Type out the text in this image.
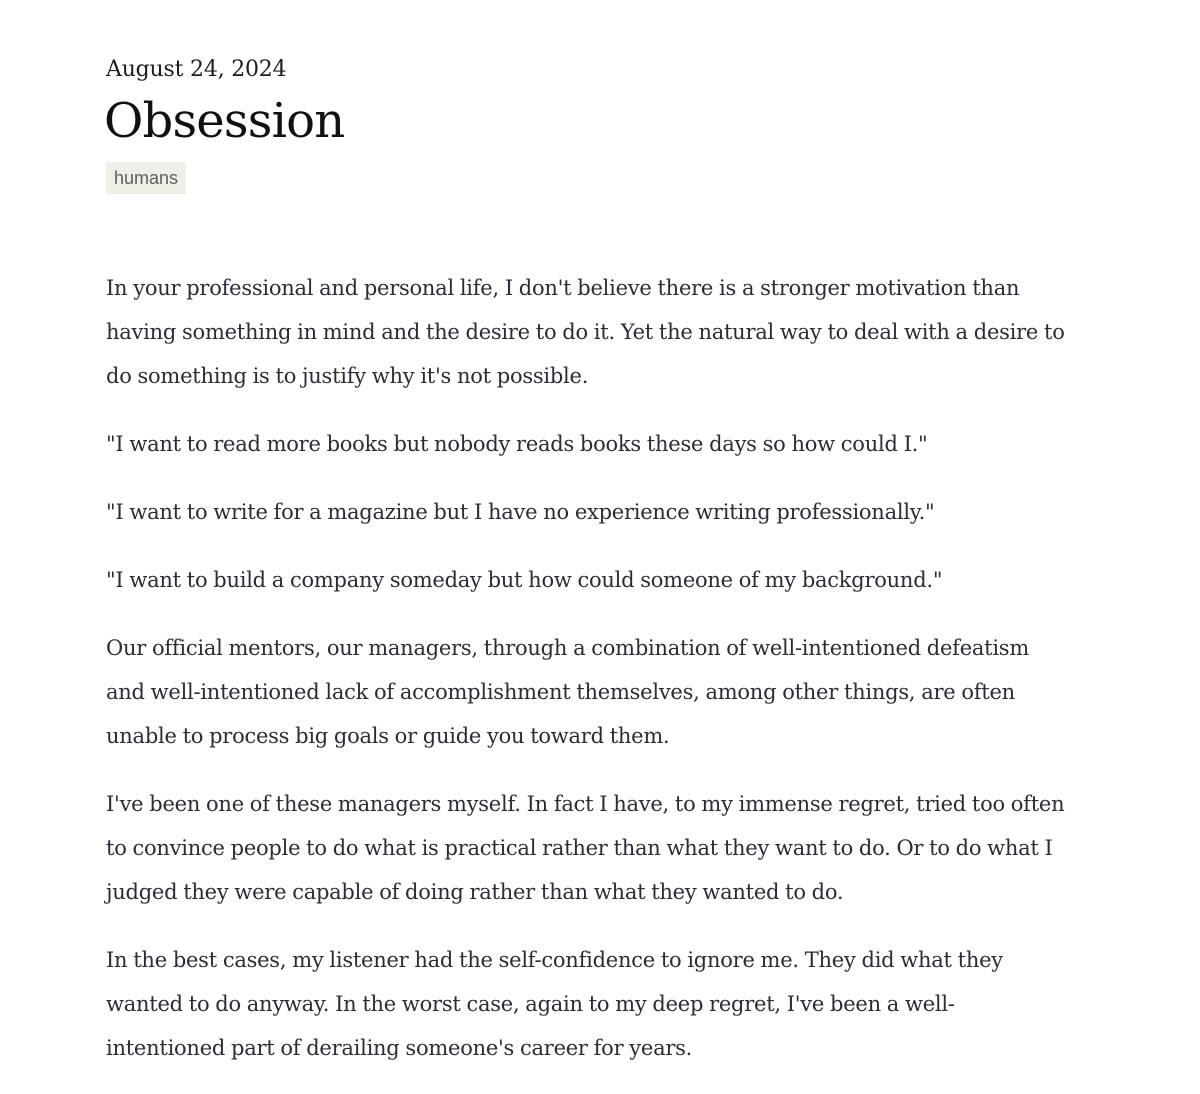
August 24, 2024
Obsession
humans

In your professional and personal life, I don't believe there is a stronger motivation than having something in mind and the desire to do it. Yet the natural way to deal with a desire to do something is to justify why it's not possible.

"I want to read more books but nobody reads books these days so how could I."

"I want to write for a magazine but I have no experience writing professionally."

"I want to build a company someday but how could someone of my background."

Our official mentors, our managers, through a combination of well-intentioned defeatism and well-intentioned lack of accomplishment themselves, among other things, are often unable to process big goals or guide you toward them.

I've been one of these managers myself. In fact I have, to my immense regret, tried too often to convince people to do what is practical rather than what they want to do. Or to do what I judged they were capable of doing rather than what they wanted to do.

In the best cases, my listener had the self-confidence to ignore me. They did what they wanted to do anyway. In the worst case, again to my deep regret, I've been a well-intentioned part of derailing someone's career for years.
